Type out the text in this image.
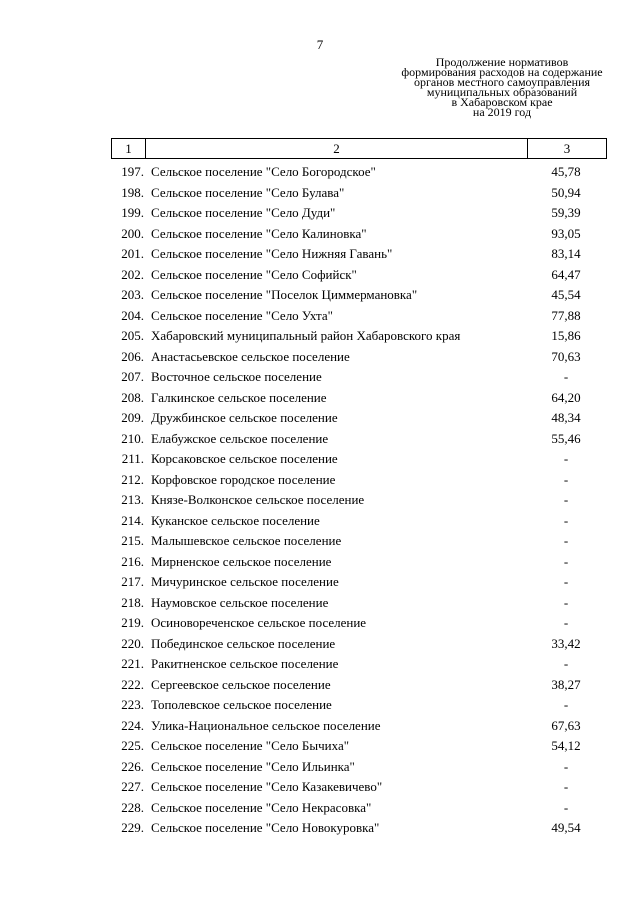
7
Продолжение нормативов
формирования расходов на содержание
органов местного самоуправления
муниципальных образований
в Хабаровском крае
на 2019 год
1	2	3
197. Сельское поселение "Село Богородское"	45,78
198. Сельское поселение "Село Булава"	50,94
199. Сельское поселение "Село Дуди"	59,39
200. Сельское поселение "Село Калиновка"	93,05
201. Сельское поселение "Село Нижняя Гавань"	83,14
202. Сельское поселение "Село Софийск"	64,47
203. Сельское поселение "Поселок Циммермановка"	45,54
204. Сельское поселение "Село Ухта"	77,88
205. Хабаровский муниципальный район Хабаровского края	15,86
206. Анастасьевское сельское поселение	70,63
207. Восточное сельское поселение	-
208. Галкинское сельское поселение	64,20
209. Дружбинское сельское поселение	48,34
210. Елабужское сельское поселение	55,46
211. Корсаковское сельское поселение	-
212. Корфовское городское поселение	-
213. Князе-Волконское сельское поселение	-
214. Куканское сельское поселение	-
215. Малышевское сельское поселение	-
216. Мирненское сельское поселение	-
217. Мичуринское сельское поселение	-
218. Наумовское сельское поселение	-
219. Осиноворечeнское сельское поселение	-
220. Побединское сельское поселение	33,42
221. Ракитненское сельское поселение	-
222. Сергеевское сельское поселение	38,27
223. Тополевское сельское поселение	-
224. Улика-Национальное сельское поселение	67,63
225. Сельское поселение "Село Бычиха"	54,12
226. Сельское поселение "Село Ильинка"	-
227. Сельское поселение "Село Казакевичево"	-
228. Сельское поселение "Село Некрасовка"	-
229. Сельское поселение "Село Новокуровка"	49,54
